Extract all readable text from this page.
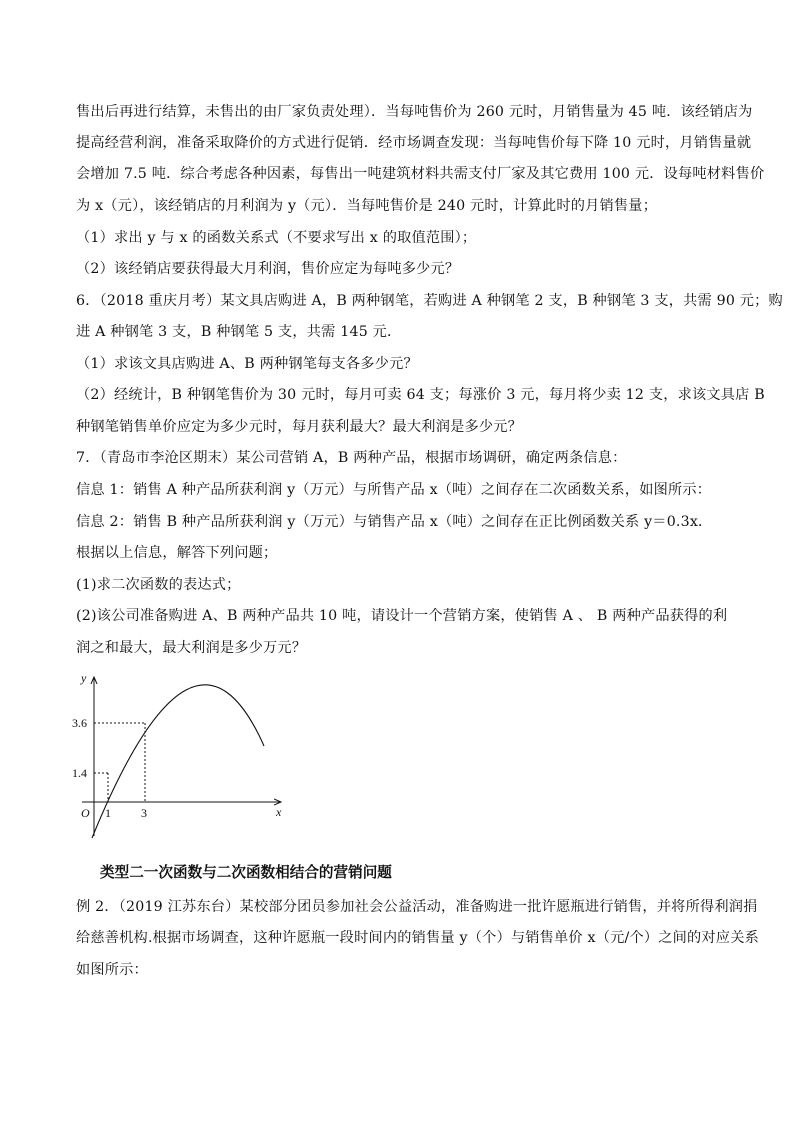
售出后再进行结算，未售出的由厂家负责处理）．当每吨售价为 260 元时，月销售量为 45 吨．该经销店为
提高经营利润，准备采取降价的方式进行促销．经市场调查发现：当每吨售价每下降 10 元时，月销售量就
会增加 7.5 吨．综合考虑各种因素，每售出一吨建筑材料共需支付厂家及其它费用 100 元．设每吨材料售价
为 x（元），该经销店的月利润为 y（元）．当每吨售价是 240 元时，计算此时的月销售量；
（1）求出 y 与 x 的函数关系式（不要求写出 x 的取值范围）；
（2）该经销店要获得最大月利润，售价应定为每吨多少元？
6．（2018 重庆月考）某文具店购进 A，B 两种钢笔，若购进 A 种钢笔 2 支，B 种钢笔 3 支，共需 90 元；购
进 A 种钢笔 3 支，B 种钢笔 5 支，共需 145 元．
（1）求该文具店购进 A、B 两种钢笔每支各多少元？
（2）经统计，B 种钢笔售价为 30 元时，每月可卖 64 支；每涨价 3 元，每月将少卖 12 支，求该文具店 B
种钢笔销售单价应定为多少元时，每月获利最大？最大利润是多少元？
7．（青岛市李沧区期末）某公司营销 A，B 两种产品，根据市场调研，确定两条信息：
信息 1：销售 A 种产品所获利润 y（万元）与所售产品 x（吨）之间存在二次函数关系，如图所示：
信息 2：销售 B 种产品所获利润 y（万元）与销售产品 x（吨）之间存在正比例函数关系 y＝0.3x．
根据以上信息，解答下列问题；
(1)求二次函数的表达式；
(2)该公司准备购进 A、B 两种产品共 10 吨，请设计一个营销方案，使销售 A 、 B 两种产品获得的利
润之和最大，最大利润是多少万元？
y
x
O
3.6
1.4
1	3
类型二一次函数与二次函数相结合的营销问题
例 2．（2019 江苏东台）某校部分团员参加社会公益活动，准备购进一批许愿瓶进行销售，并将所得利润捐
给慈善机构.根据市场调查，这种许愿瓶一段时间内的销售量 y（个）与销售单价 x（元/个）之间的对应关系
如图所示：
